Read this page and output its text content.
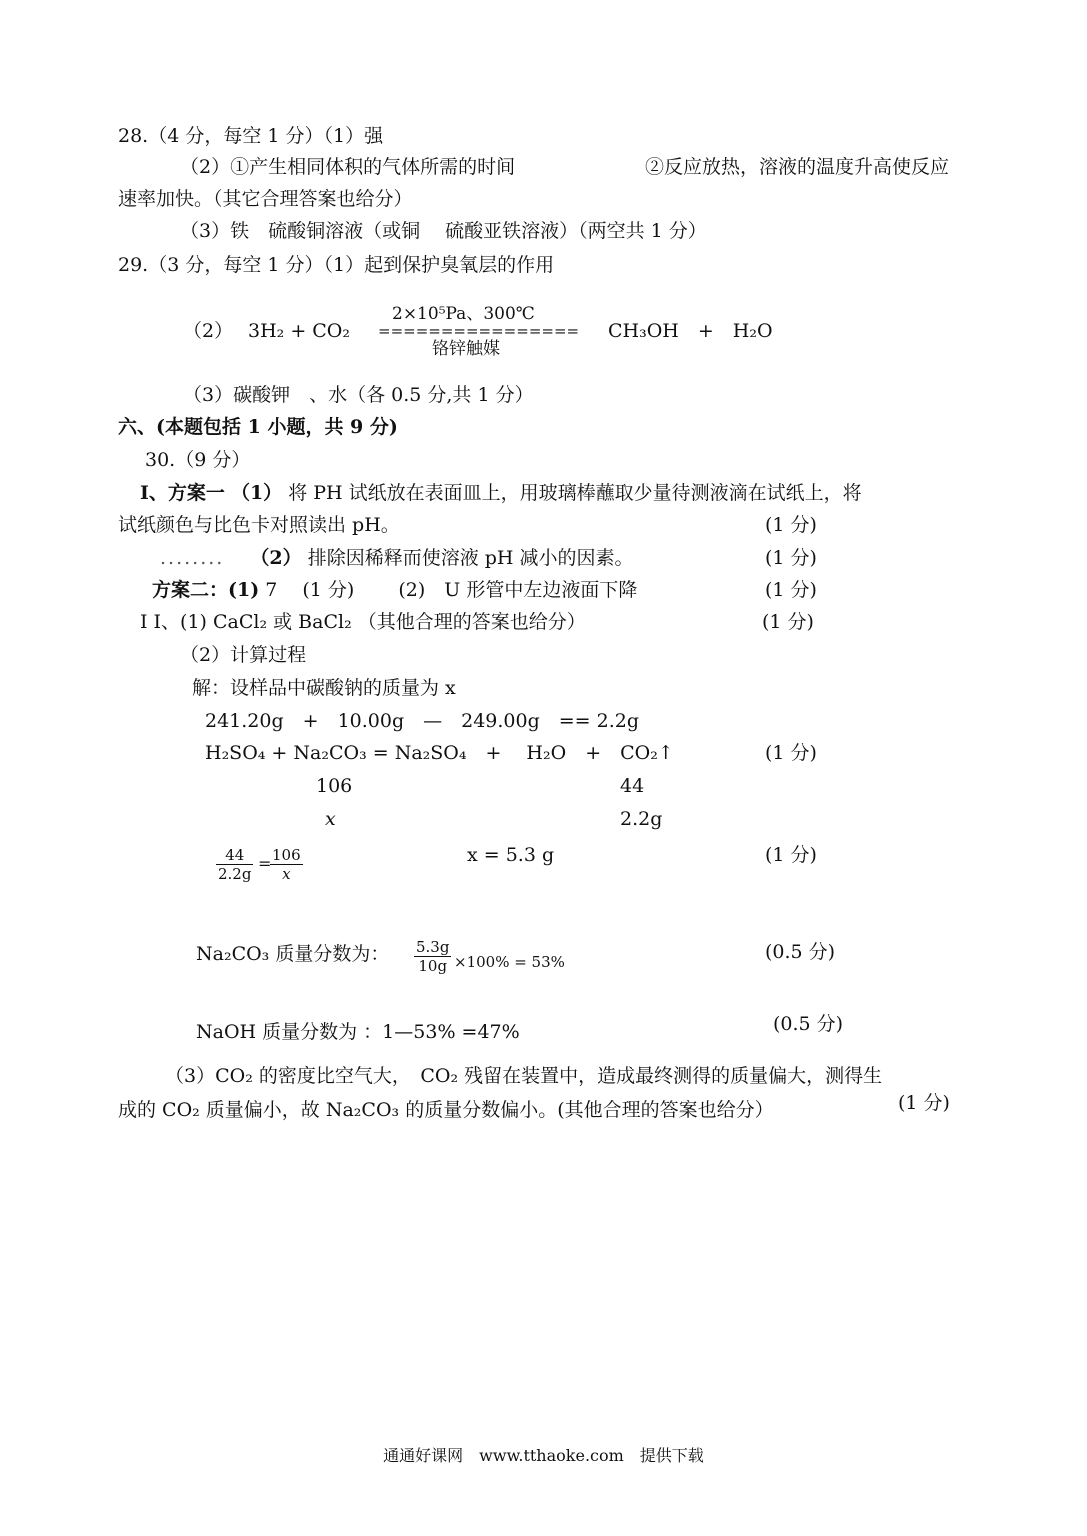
28.（4 分，每空 1 分）（1）强
（2）①产生相同体积的气体所需的时间	②反应放热，溶液的温度升高使反应
速率加快。（其它合理答案也给分）
（3）铁　硫酸铜溶液（或铜　 硫酸亚铁溶液）（两空共 1 分）
29.（3 分，每空 1 分）（1）起到保护臭氧层的作用
（2） 3H₂ + CO₂
2×10⁵Pa、300℃
================
铬锌触媒
CH₃OH　+　H₂O
（3）碳酸钾　、水（各 0.5 分,共 1 分）
六、(本题包括 1 小题，共 9 分)
30.（9 分）
I、方案一 （1） 将 PH 试纸放在表面皿上，用玻璃棒蘸取少量待测液滴在试纸上，将
试纸颜色与比色卡对照读出 pH。	(1 分)
........ （2） 排除因稀释而使溶液 pH 减小的因素。	(1 分)
方案二：(1) 7　 (1 分)　　 (2)　U 形管中左边液面下降	(1 分)
I I、(1) CaCl₂ 或 BaCl₂ （其他合理的答案也给分）	(1 分)
（2）计算过程
解：设样品中碳酸钠的质量为 x
241.20g　+　10.00g　—　249.00g　== 2.2g
H₂SO₄ + Na₂CO₃ = Na₂SO₄　+　 H₂O　+　CO₂↑	(1 分)
106	44
x	2.2g
$\frac{44}{2.2g}$ =
$\frac{106}{x}$	x = 5.3 g	(1 分)
Na₂CO₃ 质量分数为： $\frac{5.3g}{10g} \times 100\% = 53\%$	(0.5 分)
NaOH 质量分数为 ：1—53% =47%	(0.5 分)
（3）CO₂ 的密度比空气大，　CO₂ 残留在装置中，造成最终测得的质量偏大，测得生
成的 CO₂ 质量偏小，故 Na₂CO₃ 的质量分数偏小。(其他合理的答案也给分）	(1 分)
通通好课网　www.tthaoke.com　提供下载
